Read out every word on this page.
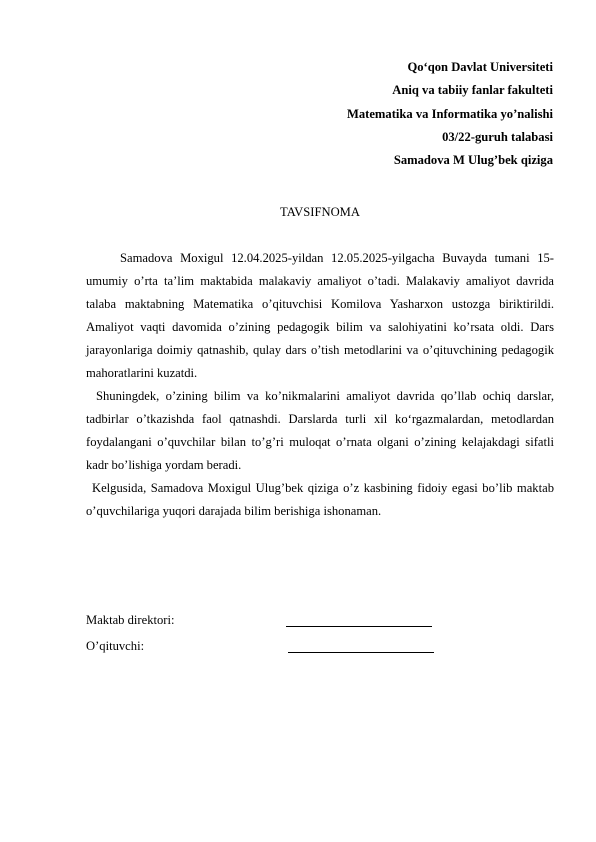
Qo‘qon Davlat Universiteti
Aniq va tabiiy fanlar fakulteti
Matematika va Informatika yo’nalishi
03/22-guruh talabasi
Samadova M Ulug’bek qiziga
TAVSIFNOMA

Samadova Moxigul 12.04.2025-yildan 12.05.2025-yilgacha Buvayda tumani 15-umumiy o’rta ta’lim maktabida malakaviy amaliyot o’tadi. Malakaviy amaliyot davrida talaba maktabning Matematika o’qituvchisi Komilova Yasharxon ustozga biriktirildi. Amaliyot vaqti davomida o’zining pedagogik bilim va salohiyatini ko’rsata oldi. Dars jarayonlariga doimiy qatnashib, qulay dars o’tish metodlarini va o’qituvchining pedagogik mahoratlarini kuzatdi.

Shuningdek, o’zining bilim va ko’nikmalarini amaliyot davrida qo’llab ochiq darslar, tadbirlar o’tkazishda faol qatnashdi. Darslarda turli xil ko‘rgazmalardan, metodlardan foydalangani o’quvchilar bilan to’g’ri muloqat o’rnata olgani o’zining kelajakdagi sifatli kadr bo’lishiga yordam beradi.

Kelgusida, Samadova Moxigul Ulug’bek qiziga o’z kasbining fidoiy egasi bo’lib maktab o’quvchilariga yuqori darajada bilim berishiga ishonaman.

Maktab direktori:
O’qituvchi:
